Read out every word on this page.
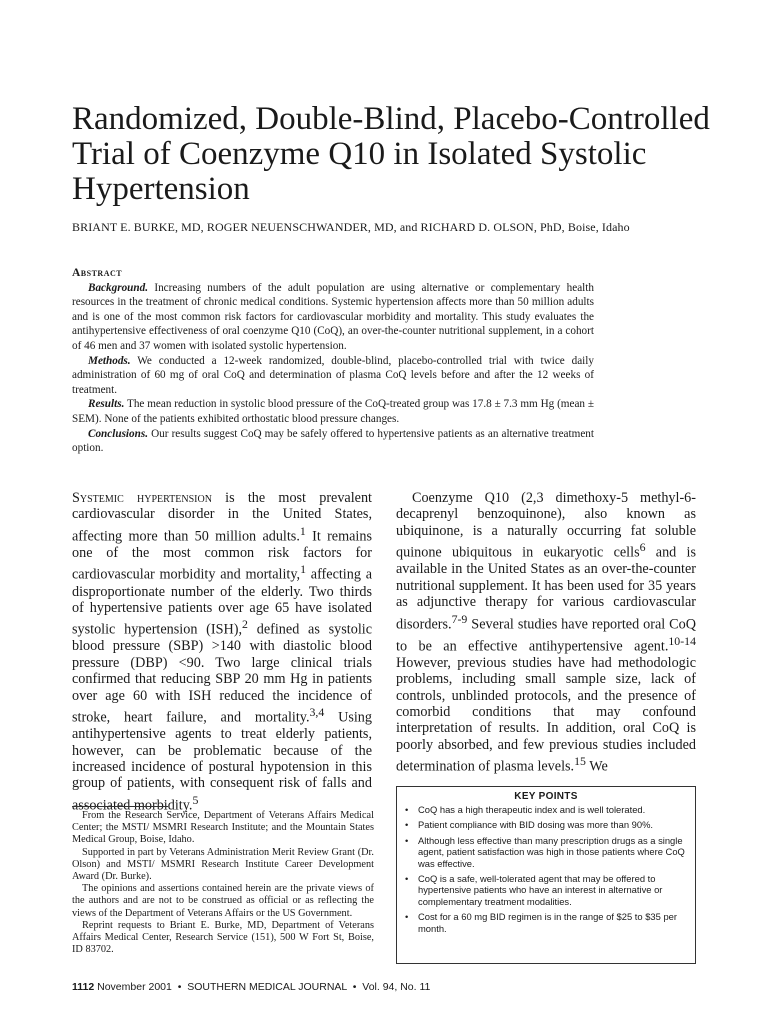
Randomized, Double-Blind, Placebo-Controlled Trial of Coenzyme Q10 in Isolated Systolic Hypertension
BRIANT E. BURKE, MD, ROGER NEUENSCHWANDER, MD, and RICHARD D. OLSON, PhD, Boise, Idaho
Abstract

Background. Increasing numbers of the adult population are using alternative or complementary health resources in the treatment of chronic medical conditions. Systemic hypertension affects more than 50 million adults and is one of the most common risk factors for cardiovascular morbidity and mortality. This study evaluates the antihypertensive effectiveness of oral coenzyme Q10 (CoQ), an over-the-counter nutritional supplement, in a cohort of 46 men and 37 women with isolated systolic hypertension.

Methods. We conducted a 12-week randomized, double-blind, placebo-controlled trial with twice daily administration of 60 mg of oral CoQ and determination of plasma CoQ levels before and after the 12 weeks of treatment.

Results. The mean reduction in systolic blood pressure of the CoQ-treated group was 17.8 ± 7.3 mm Hg (mean ± SEM). None of the patients exhibited orthostatic blood pressure changes.

Conclusions. Our results suggest CoQ may be safely offered to hypertensive patients as an alternative treatment option.

Systemic hypertension is the most prevalent cardiovascular disorder in the United States, affecting more than 50 million adults.$^1$ It remains one of the most common risk factors for cardiovascular morbidity and mortality,$^1$ affecting a disproportionate number of the elderly. Two thirds of hypertensive patients over age 65 have isolated systolic hypertension (ISH),$^2$ defined as systolic blood pressure (SBP) >140 with diastolic blood pressure (DBP) <90. Two large clinical trials confirmed that reducing SBP 20 mm Hg in patients over age 60 with ISH reduced the incidence of stroke, heart failure, and mortality.$^{3,4}$ Using antihypertensive agents to treat elderly patients, however, can be problematic because of the increased incidence of postural hypotension in this group of patients, with consequent risk of falls and associated morbidity.$^5$

Coenzyme Q10 (2,3 dimethoxy-5 methyl-6-decaprenyl benzoquinone), also known as ubiquinone, is a naturally occurring fat soluble quinone ubiquitous in eukaryotic cells$^6$ and is available in the United States as an over-the-counter nutritional supplement. It has been used for 35 years as adjunctive therapy for various cardiovascular disorders.$^{7-9}$ Several studies have reported oral CoQ to be an effective antihypertensive agent.$^{10-14}$ However, previous studies have had methodologic problems, including small sample size, lack of controls, unblinded protocols, and the presence of comorbid conditions that may confound interpretation of results. In addition, oral CoQ is poorly absorbed, and few previous studies included determination of plasma levels.$^{15}$ We

From the Research Service, Department of Veterans Affairs Medical Center; the MSTI/ MSMRI Research Institute; and the Mountain States Medical Group, Boise, Idaho.

Supported in part by Veterans Administration Merit Review Grant (Dr. Olson) and MSTI/ MSMRI Research Institute Career Development Award (Dr. Burke).

The opinions and assertions contained herein are the private views of the authors and are not to be construed as official or as reflecting the views of the Department of Veterans Affairs or the US Government.

Reprint requests to Briant E. Burke, MD, Department of Veterans Affairs Medical Center, Research Service (151), 500 W Fort St, Boise, ID 83702.

KEY POINTS
• CoQ has a high therapeutic index and is well tolerated.
• Patient compliance with BID dosing was more than 90%.
• Although less effective than many prescription drugs as a single agent, patient satisfaction was high in those patients where CoQ was effective.
• CoQ is a safe, well-tolerated agent that may be offered to hypertensive patients who have an interest in alternative or complementary treatment modalities.
• Cost for a 60 mg BID regimen is in the range of $25 to $35 per month.
1112 November 2001 • SOUTHERN MEDICAL JOURNAL • Vol. 94, No. 11
